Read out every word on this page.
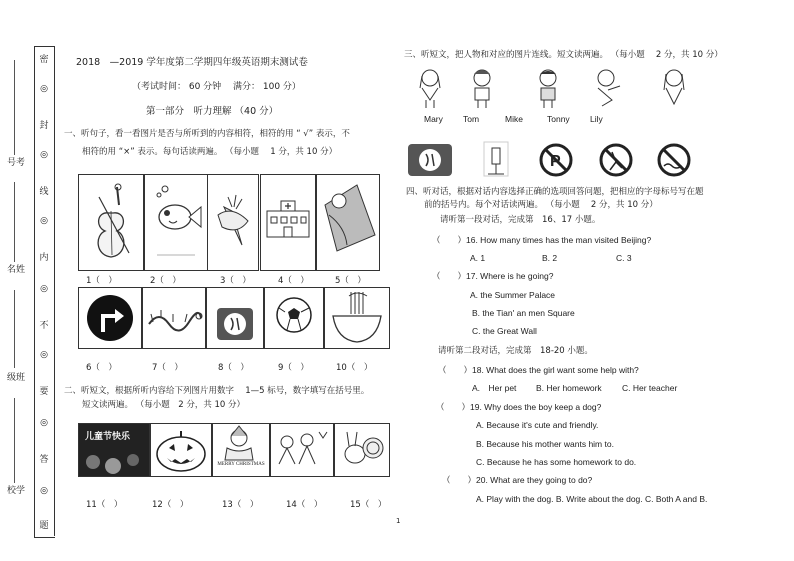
密
◎
封
◎
线
◎
内
◎
不
◎
要
◎
答
◎
题
号考
名姓
级班
校学
2018　—2019 学年度第二学期四年级英语期末测试卷
（考试时间： 60 分钟　 满分： 100 分）
第一部分　听力理解 （40 分）
一、听句子，看一看图片是否与所听到的内容相符，相符的用 “ √” 表示，不
相符的用 “×” 表示。每句话读两遍。 （每小题　 1 分，共 10 分）
1（　）	2（　）	3（　）	4（　）	5（　）
6（　）	7（　）	8（　）	9（　）	10（　）
二、听短文，根据所听内容给下列图片用数字　 1—5 标号，数字填写在括号里。
短文读两遍。 （每小题　2 分，共 10 分）
儿童节快乐
MERRY CHRISTMAS
11（　）	12（　）	13（　）	14（　）	15（　）
1
三、听短文，把人物和对应的图片连线。短文读两遍。 （每小题　 2 分，共 10 分）
Mary Tom	Mike	Tonny Lily
P
四、听对话，根据对话内容选择正确的选项回答问题，把相应的字母标号写在题
前的括号内。每个对话读两遍。 （每小题　 2 分，共 10 分）
请听第一段对话，完成第　16、17 小题。
（　　）16. How many times has the man visited Beijing?
A. 1	B. 2	C. 3
（　　）17. Where is he going?
A. the Summer Palace
B. the Tian' an men Square
C. the Great Wall
请听第二段对话，完成第　18-20 小题。
（　　）18. What does the girl want some help with?
A.　Her pet B. Her homework C. Her teacher
（　　）19. Why does the boy keep a dog?
A. Because it's cute and friendly.
B. Because his mother wants him to.
C. Because he has some homework to do.
（　　）20. What are they going to do?
A. Play with the dog. B. Write about the dog. C. Both A and B.
